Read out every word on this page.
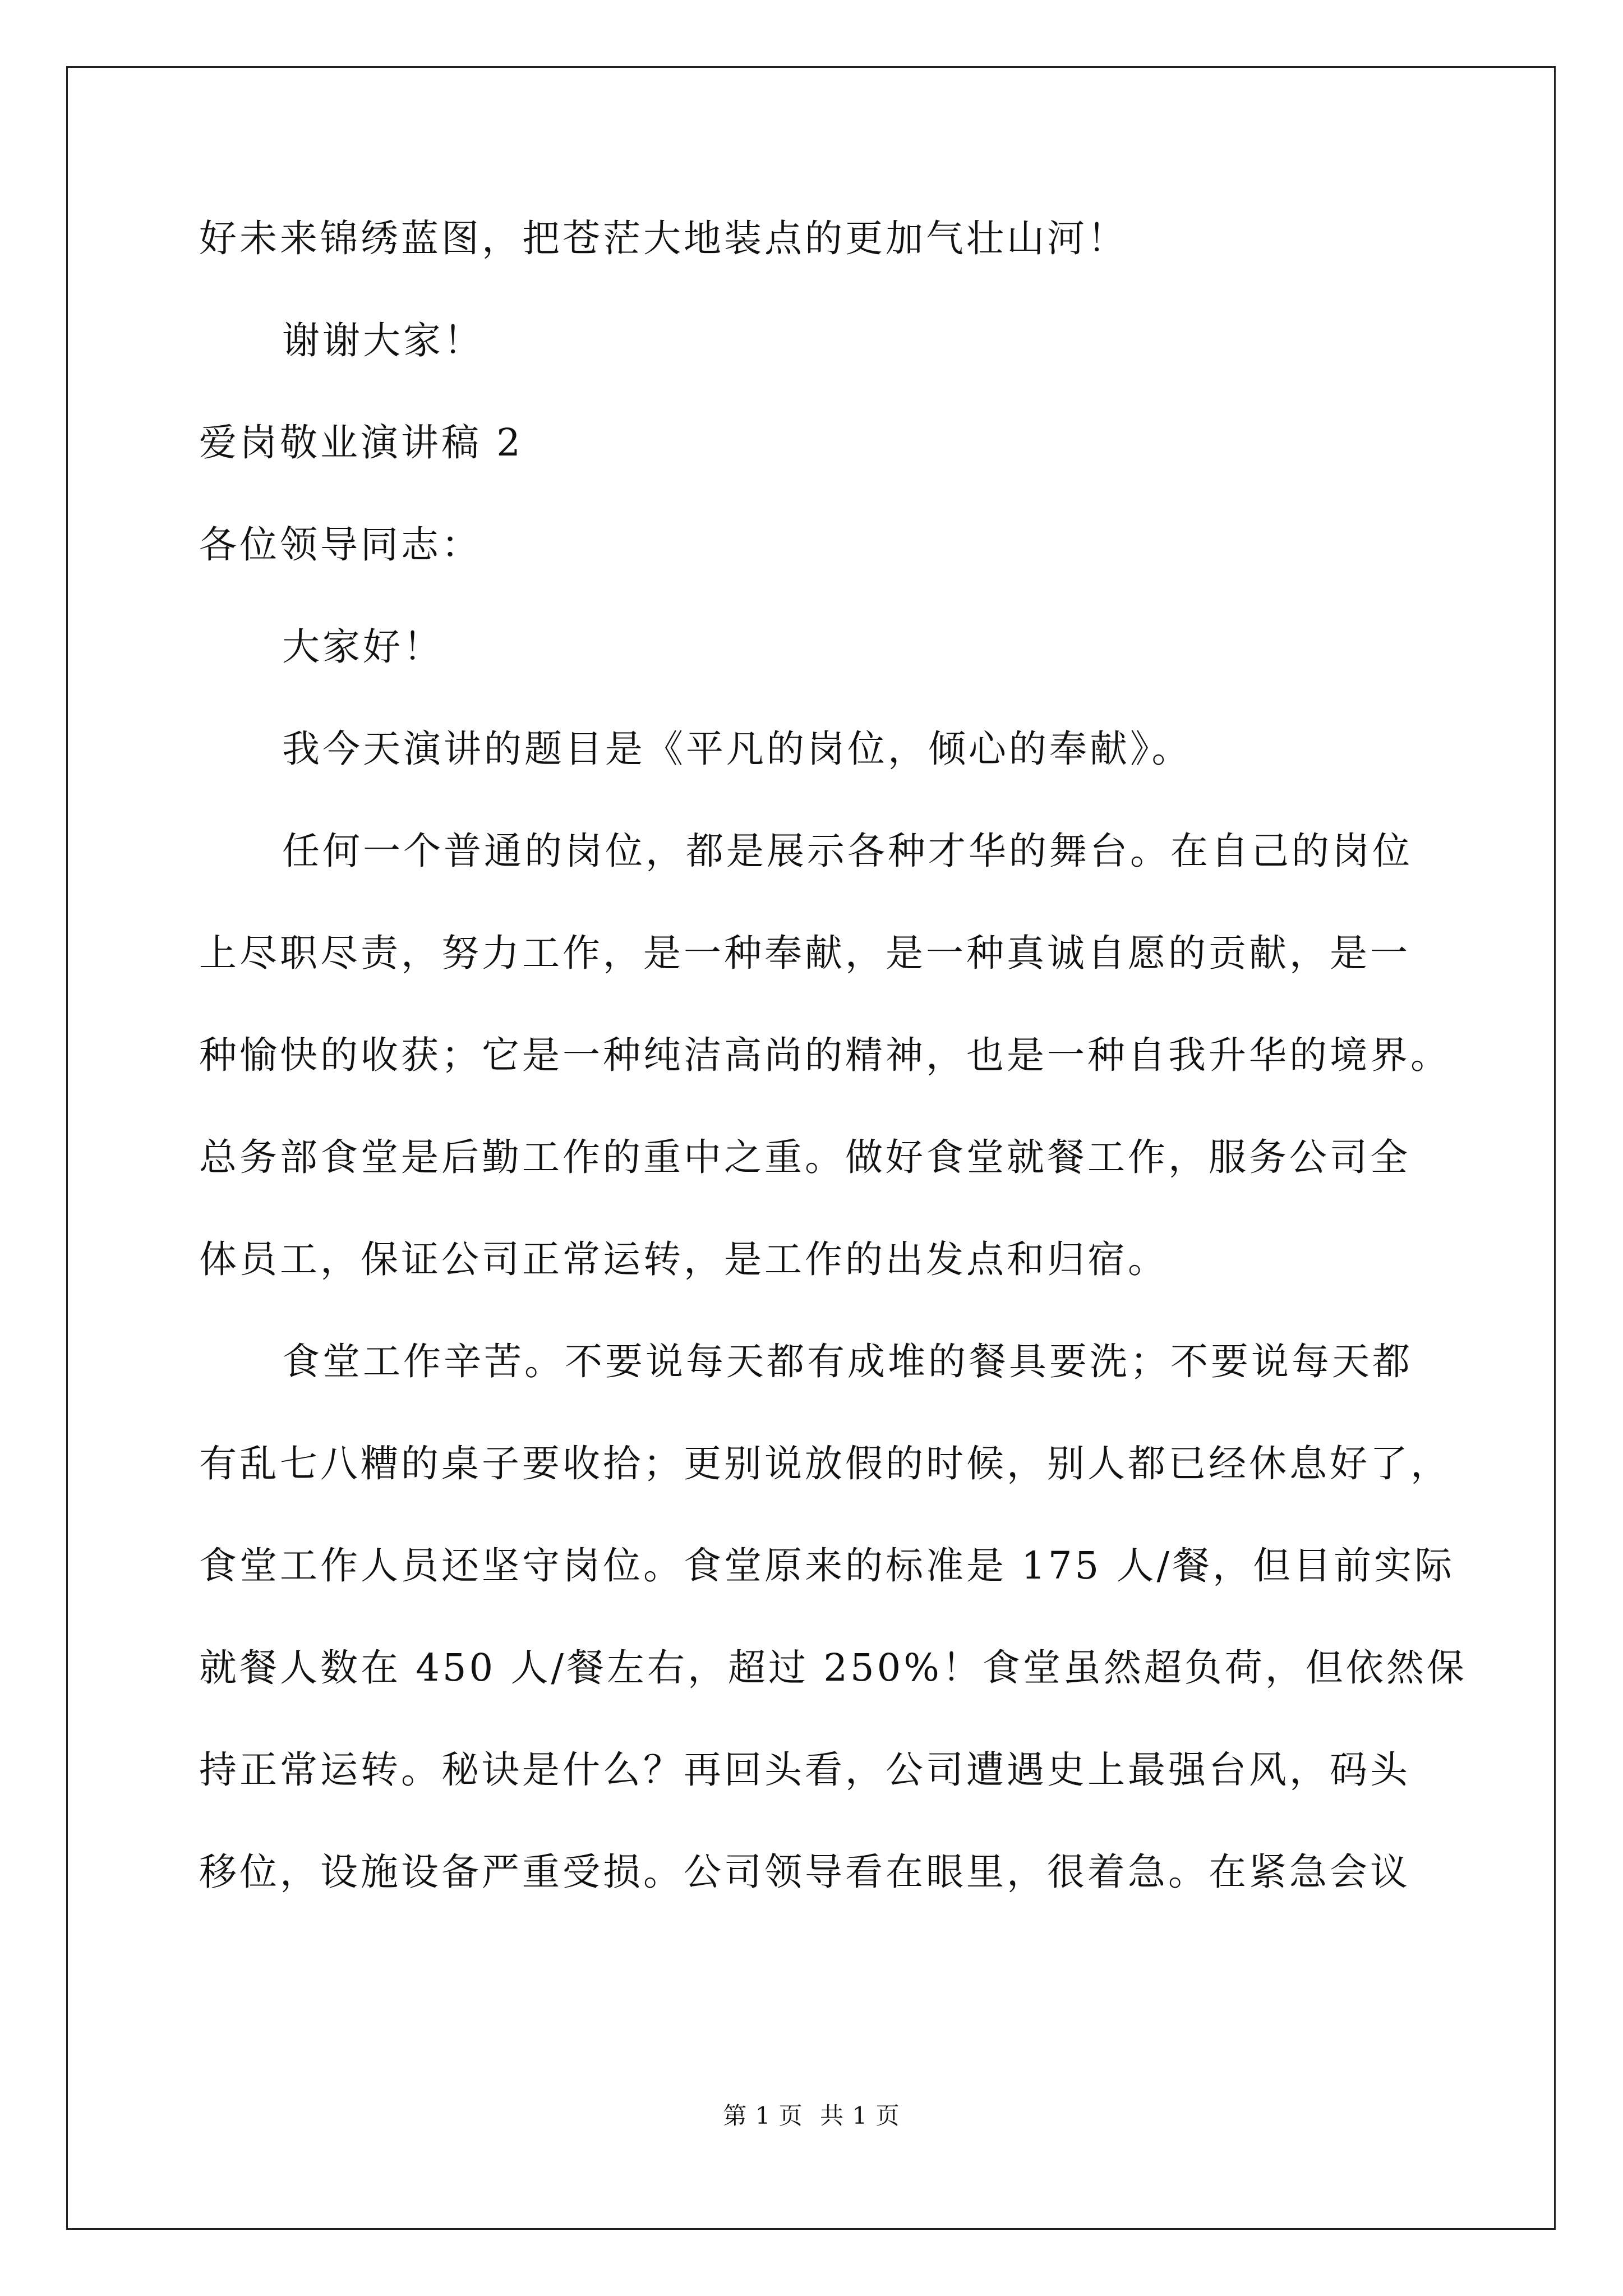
好未来锦绣蓝图，把苍茫大地装点的更加气壮山河！
谢谢大家！
爱岗敬业演讲稿 2
各位领导同志：
大家好！
我今天演讲的题目是《平凡的岗位，倾心的奉献》。
任何一个普通的岗位，都是展示各种才华的舞台。在自己的岗位
上尽职尽责，努力工作，是一种奉献，是一种真诚自愿的贡献，是一
种愉快的收获；它是一种纯洁高尚的精神，也是一种自我升华的境界。
总务部食堂是后勤工作的重中之重。做好食堂就餐工作，服务公司全
体员工，保证公司正常运转，是工作的出发点和归宿。
食堂工作辛苦。不要说每天都有成堆的餐具要洗；不要说每天都
有乱七八糟的桌子要收拾；更别说放假的时候，别人都已经休息好了，
食堂工作人员还坚守岗位。食堂原来的标准是 175 人/餐，但目前实际
就餐人数在 450 人/餐左右，超过 250%！食堂虽然超负荷，但依然保
持正常运转。秘诀是什么？再回头看，公司遭遇史上最强台风，码头
移位，设施设备严重受损。公司领导看在眼里，很着急。在紧急会议
第 1 页 共 1 页
